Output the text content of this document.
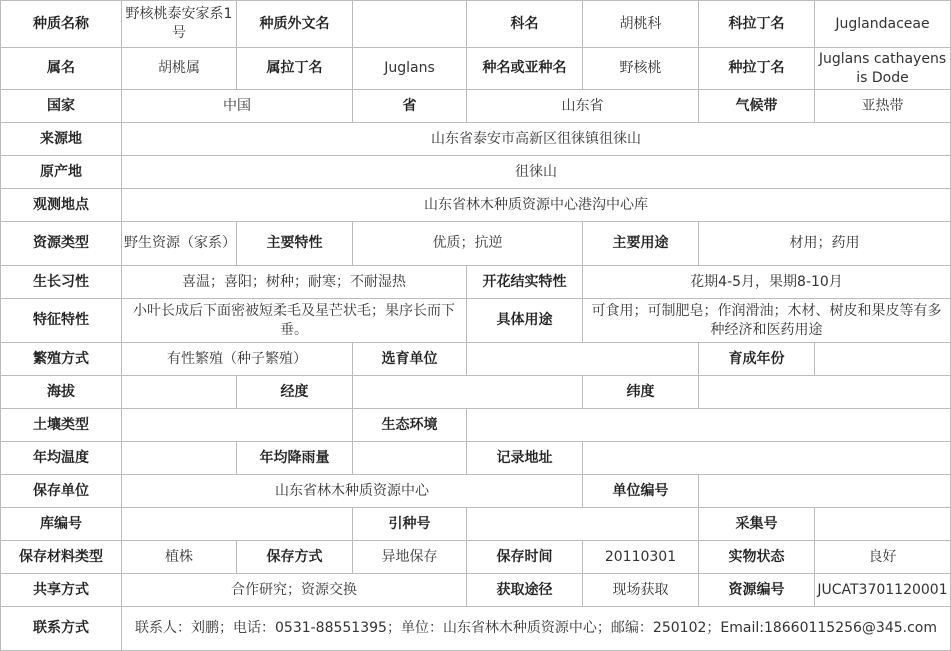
种质名称	野核桃泰安家系1号	种质外文名		科名	胡桃科	科拉丁名	Juglandaceae
属名	胡桃属	属拉丁名	Juglans	种名或亚种名	野核桃	种拉丁名	Juglans cathayensis Dode
国家	中国		省	山东省		气候带	亚热带
来源地	山东省泰安市高新区徂徕镇徂徕山						
原产地	徂徕山						
观测地点	山东省林木种质资源中心港沟中心库						
资源类型	野生资源（家系）	主要特性	优质；抗逆		主要用途	材用；药用	
生长习性	喜温；喜阳；树种；耐寒；不耐湿热			开花结实特性	花期4-5月，果期8-10月		
特征特性	小叶长成后下面密被短柔毛及星芒状毛；果序长而下垂。			具体用途	可食用；可制肥皂；作润滑油；木材、树皮和果皮等有多种经济和医药用途		
繁殖方式	有性繁殖（种子繁殖）		选育单位			育成年份	
海拔		经度			纬度		
土壤类型			生态环境				
年均温度		年均降雨量		记录地址			
保存单位	山东省林木种质资源中心				单位编号		
库编号			引种号			采集号	
保存材料类型	植株	保存方式	异地保存	保存时间	20110301	实物状态	良好
共享方式	合作研究；资源交换			获取途径	现场获取	资源编号	JUCAT3701120001
联系方式	联系人：刘鹏；电话：0531-88551395；单位：山东省林木种质资源中心；邮编：250102；Email:18660115256@345.com						
